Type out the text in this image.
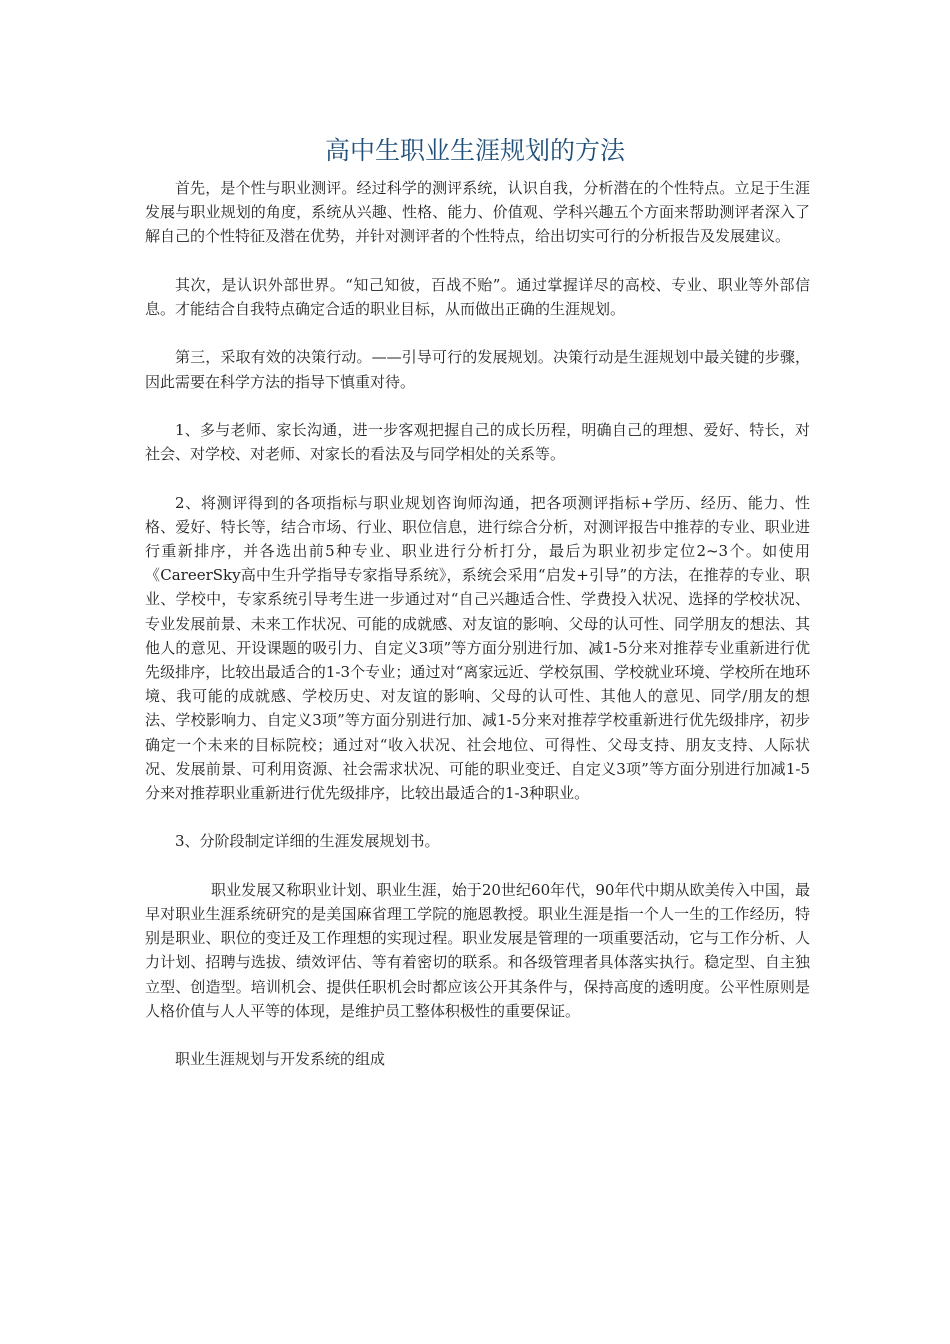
高中生职业生涯规划的方法

首先，是个性与职业测评。经过科学的测评系统，认识自我，分析潜在的个性特点。立足于生涯发展与职业规划的角度，系统从兴趣、性格、能力、价值观、学科兴趣五个方面来帮助测评者深入了解自己的个性特征及潜在优势，并针对测评者的个性特点，给出切实可行的分析报告及发展建议。

其次，是认识外部世界。“知己知彼，百战不贻”。通过掌握详尽的高校、专业、职业等外部信息。才能结合自我特点确定合适的职业目标，从而做出正确的生涯规划。

第三，采取有效的决策行动。——引导可行的发展规划。决策行动是生涯规划中最关键的步骤，因此需要在科学方法的指导下慎重对待。

1、多与老师、家长沟通，进一步客观把握自己的成长历程，明确自己的理想、爱好、特长，对社会、对学校、对老师、对家长的看法及与同学相处的关系等。

2、将测评得到的各项指标与职业规划咨询师沟通，把各项测评指标+学历、经历、能力、性格、爱好、特长等，结合市场、行业、职位信息，进行综合分析，对测评报告中推荐的专业、职业进行重新排序，并各选出前5种专业、职业进行分析打分，最后为职业初步定位2~3个。如使用《CareerSky高中生升学指导专家指导系统》，系统会采用“启发+引导”的方法，在推荐的专业、职业、学校中，专家系统引导考生进一步通过对“自己兴趣适合性、学费投入状况、选择的学校状况、专业发展前景、未来工作状况、可能的成就感、对友谊的影响、父母的认可性、同学朋友的想法、其他人的意见、开设课题的吸引力、自定义3项”等方面分别进行加、减1-5分来对推荐专业重新进行优先级排序，比较出最适合的1-3个专业；通过对“离家远近、学校氛围、学校就业环境、学校所在地环境、我可能的成就感、学校历史、对友谊的影响、父母的认可性、其他人的意见、同学/朋友的想法、学校影响力、自定义3项”等方面分别进行加、减1-5分来对推荐学校重新进行优先级排序，初步确定一个未来的目标院校；通过对“收入状况、社会地位、可得性、父母支持、朋友支持、人际状况、发展前景、可利用资源、社会需求状况、可能的职业变迁、自定义3项”等方面分别进行加减1-5分来对推荐职业重新进行优先级排序，比较出最适合的1-3种职业。

3、分阶段制定详细的生涯发展规划书。

职业发展又称职业计划、职业生涯，始于20世纪60年代，90年代中期从欧美传入中国，最早对职业生涯系统研究的是美国麻省理工学院的施恩教授。职业生涯是指一个人一生的工作经历，特别是职业、职位的变迁及工作理想的实现过程。职业发展是管理的一项重要活动，它与工作分析、人力计划、招聘与选拔、绩效评估、等有着密切的联系。和各级管理者具体落实执行。稳定型、自主独立型、创造型。培训机会、提供任职机会时都应该公开其条件与，保持高度的透明度。公平性原则是人格价值与人人平等的体现，是维护员工整体积极性的重要保证。

职业生涯规划与开发系统的组成
